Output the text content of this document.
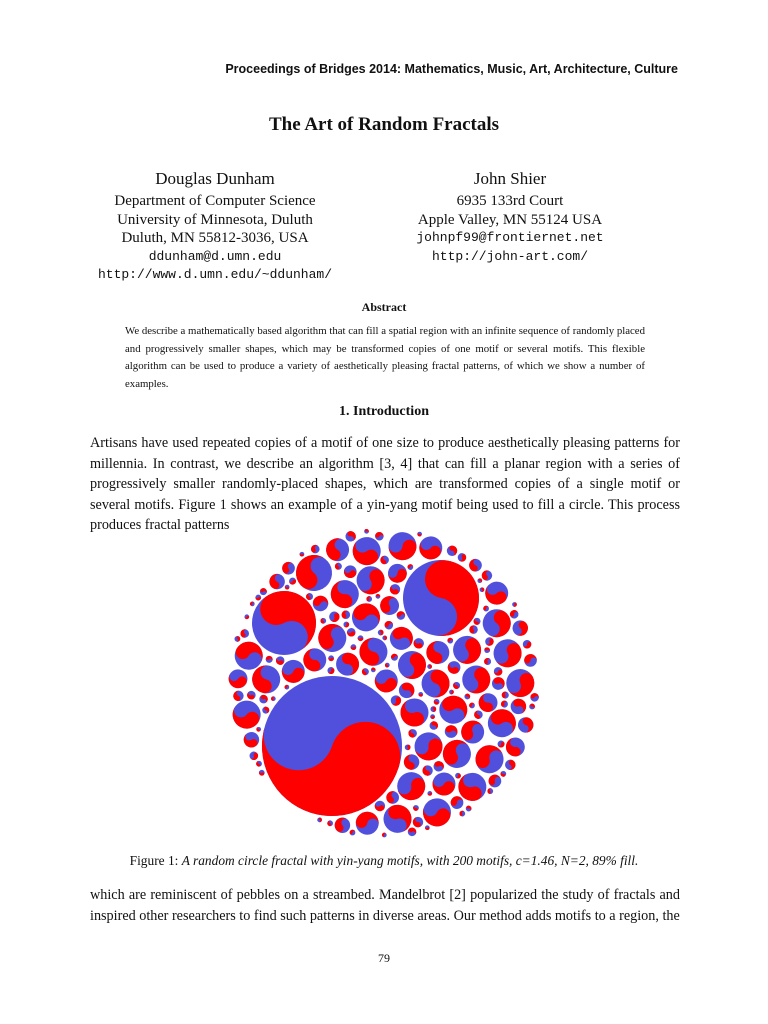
Proceedings of Bridges 2014: Mathematics, Music, Art, Architecture, Culture
The Art of Random Fractals
Douglas Dunham
Department of Computer Science
University of Minnesota, Duluth
Duluth, MN 55812-3036, USA
ddunham@d.umn.edu
http://www.d.umn.edu/~ddunham/
John Shier
6935 133rd Court
Apple Valley, MN 55124 USA
johnpf99@frontiernet.net
http://john-art.com/
Abstract
We describe a mathematically based algorithm that can fill a spatial region with an infinite sequence of randomly placed and progressively smaller shapes, which may be transformed copies of one motif or several motifs. This flexible algorithm can be used to produce a variety of aesthetically pleasing fractal patterns, of which we show a number of examples.
1. Introduction
Artisans have used repeated copies of a motif of one size to produce aesthetically pleasing patterns for millennia. In contrast, we describe an algorithm [3, 4] that can fill a planar region with a series of progressively smaller randomly-placed shapes, which are transformed copies of a single motif or several motifs. Figure 1 shows an example of a yin-yang motif being used to fill a circle. This process produces fractal patterns
Figure 1: A random circle fractal with yin-yang motifs, with 200 motifs, c=1.46, N=2, 89% fill.
which are reminiscent of pebbles on a streambed. Mandelbrot [2] popularized the study of fractals and inspired other researchers to find such patterns in diverse areas. Our method adds motifs to a region, the
79
